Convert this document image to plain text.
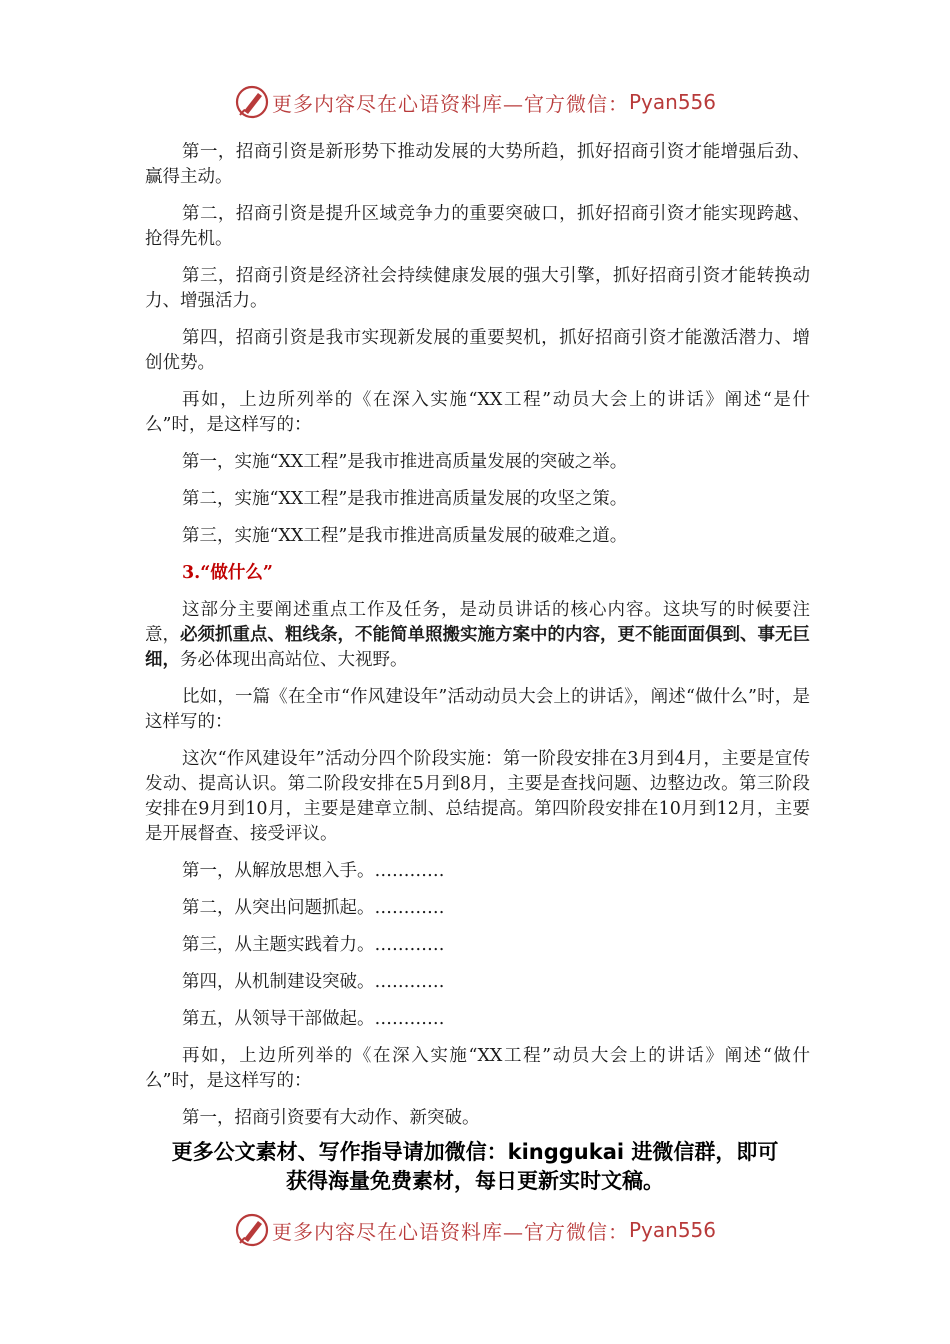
更多内容尽在心语资料库—官方微信： Pyan556

第一，招商引资是新形势下推动发展的大势所趋，抓好招商引资才能增强后劲、赢得主动。

第二，招商引资是提升区域竞争力的重要突破口，抓好招商引资才能实现跨越、抢得先机。

第三，招商引资是经济社会持续健康发展的强大引擎，抓好招商引资才能转换动力、增强活力。

第四，招商引资是我市实现新发展的重要契机，抓好招商引资才能激活潜力、增创优势。

再如，上边所列举的《在深入实施“XX工程”动员大会上的讲话》阐述“是什么”时，是这样写的：

第一，实施“XX工程”是我市推进高质量发展的突破之举。

第二，实施“XX工程”是我市推进高质量发展的攻坚之策。

第三，实施“XX工程”是我市推进高质量发展的破难之道。

3.“做什么”

这部分主要阐述重点工作及任务，是动员讲话的核心内容。这块写的时候要注意，必须抓重点、粗线条，不能简单照搬实施方案中的内容，更不能面面俱到、事无巨细，务必体现出高站位、大视野。

比如，一篇《在全市“作风建设年”活动动员大会上的讲话》，阐述“做什么”时，是这样写的：

这次“作风建设年”活动分四个阶段实施：第一阶段安排在3月到4月，主要是宣传发动、提高认识。第二阶段安排在5月到8月，主要是查找问题、边整边改。第三阶段安排在9月到10月，主要是建章立制、总结提高。第四阶段安排在10月到12月，主要是开展督查、接受评议。

第一，从解放思想入手。…………

第二，从突出问题抓起。…………

第三，从主题实践着力。…………

第四，从机制建设突破。…………

第五，从领导干部做起。…………

再如，上边所列举的《在深入实施“XX工程”动员大会上的讲话》阐述“做什么”时，是这样写的：

第一，招商引资要有大动作、新突破。

更多公文素材、写作指导请加微信：kinggukai 进微信群，即可
获得海量免费素材，每日更新实时文稿。
更多内容尽在心语资料库—官方微信： Pyan556
